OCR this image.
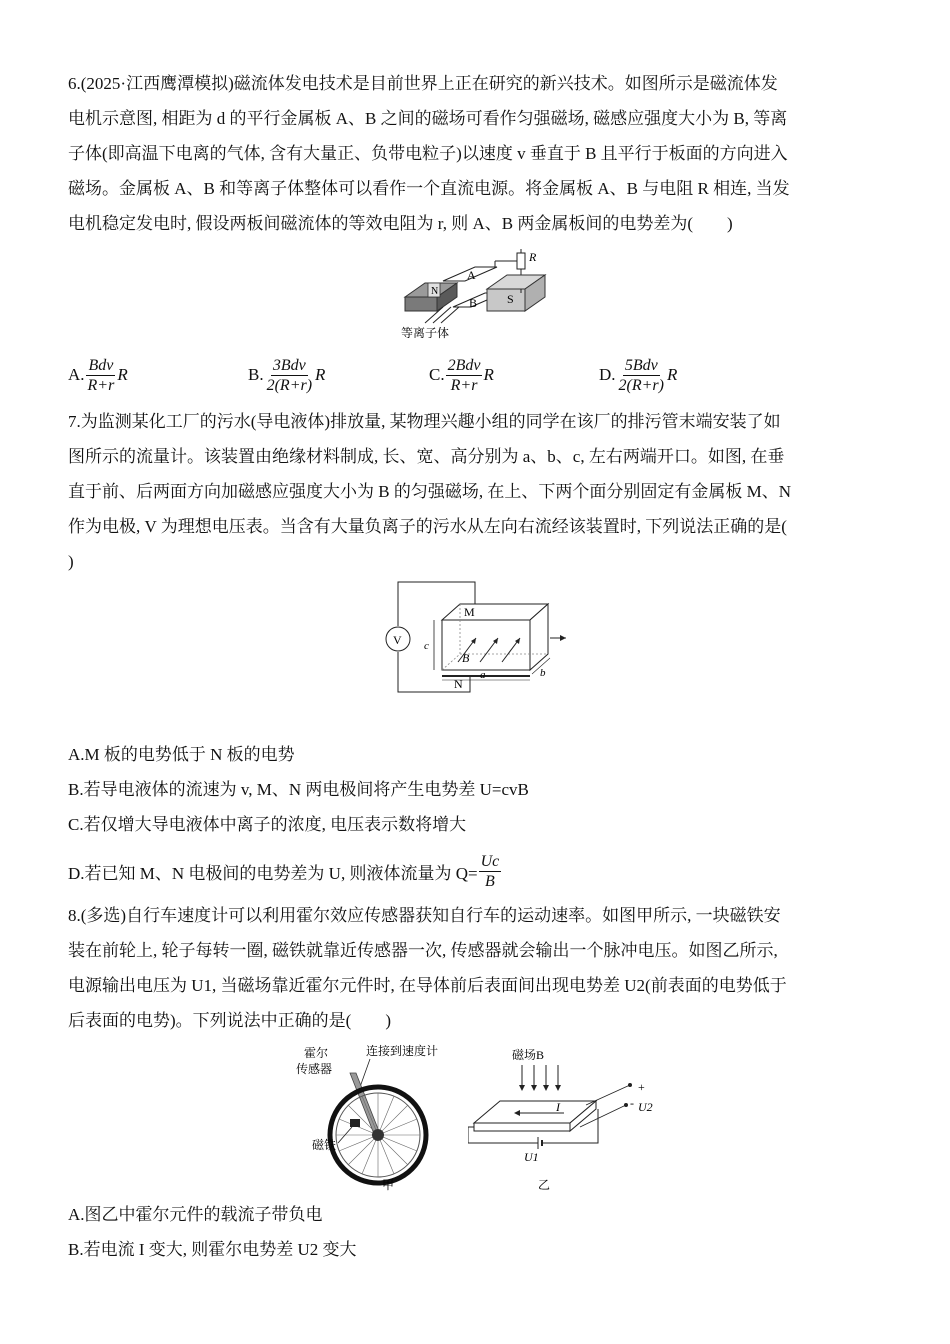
6.(2025·江西鹰潭模拟)磁流体发电技术是目前世界上正在研究的新兴技术。如图所示是磁流体发
电机示意图, 相距为 d 的平行金属板 A、B 之间的磁场可看作匀强磁场, 磁感应强度大小为 B, 等离
子体(即高温下电离的气体, 含有大量正、负带电粒子)以速度 v 垂直于 B 且平行于板面的方向进入
磁场。金属板 A、B 和等离子体整体可以看作一个直流电源。将金属板 A、B 与电阻 R 相连, 当发
电机稳定发电时, 假设两板间磁流体的等效电阻为 r, 则 A、B 两金属板间的电势差为(　　)
R
N
A
B S
等离子体
A. $\frac{\text{Bdv}}{R+r}$ R	B. $\frac{\text{3Bdv}}{2(R+r)}$ R	C. $\frac{\text{2Bdv}}{R+r}$ R	D. $\frac{\text{5Bdv}}{2(R+r)}$ R
7.为监测某化工厂的污水(导电液体)排放量, 某物理兴趣小组的同学在该厂的排污管末端安装了如
图所示的流量计。该装置由绝缘材料制成, 长、宽、高分别为 a、b、c, 左右两端开口。如图, 在垂
直于前、后两面方向加磁感应强度大小为 B 的匀强磁场, 在上、下两个面分别固定有金属板 M、N
作为电极, V 为理想电压表。当含有大量负离子的污水从左向右流经该装置时, 下列说法正确的是(
)
V
M
N
B
c
a	b
A.M 板的电势低于 N 板的电势
B.若导电液体的流速为 v, M、N 两电极间将产生电势差 U=cvB
C.若仅增大导电液体中离子的浓度, 电压表示数将增大
D.若已知 M、N 电极间的电势差为 U, 则液体流量为 $Q= \frac{Uc}{B}$
8.(多选)自行车速度计可以利用霍尔效应传感器获知自行车的运动速率。如图甲所示, 一块磁铁安
装在前轮上, 轮子每转一圈, 磁铁就靠近传感器一次, 传感器就会输出一个脉冲电压。如图乙所示,
电源输出电压为 U1, 当磁场靠近霍尔元件时, 在导体前后表面间出现电势差 U2(前表面的电势低于
后表面的电势)。下列说法中正确的是(　　)
霍尔
传感器
连接到速度计
磁铁
甲
磁场B
I
U1
+
- U2
乙
A.图乙中霍尔元件的载流子带负电
B.若电流 I 变大, 则霍尔电势差 U2 变大
